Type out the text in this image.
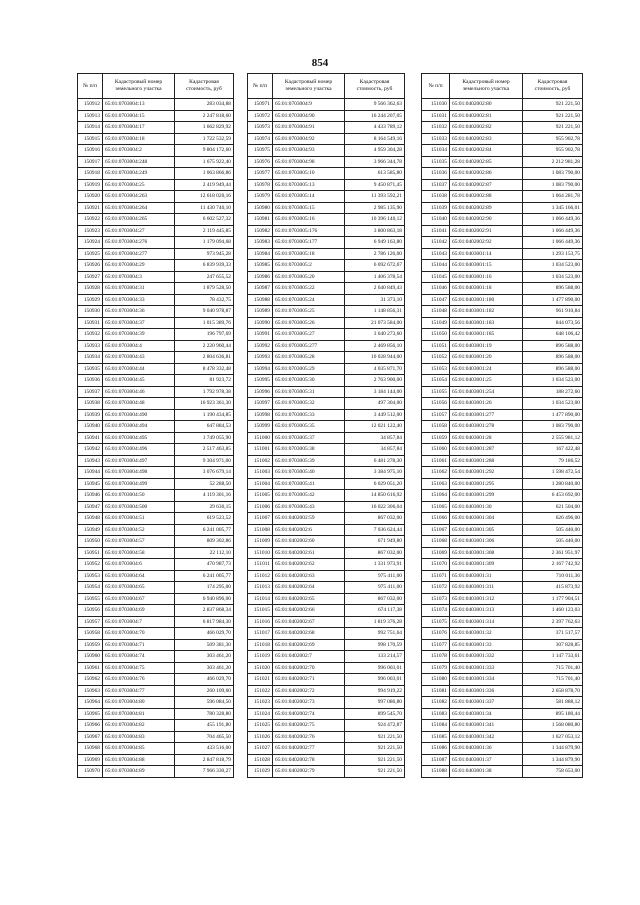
854
№ п/п	Кадастровый номер земельного участка	Кадастровая стоимость, руб
150912	65:01:0703004:13	283 034,88
150913	65:01:0703004:15	2 247 818,60
150914	65:01:0703004:17	1 662 829,92
150915	65:01:0703004:18	1 722 532,59
150916	65:01:0703004:2	9 804 172,60
150917	65:01:0703004:248	1 675 922,40
150918	65:01:0703004:249	1 063 866,86
150919	65:01:0703004:25	2 419 949,44
150920	65:01:0703004:263	12 618 020,16
150921	65:01:0703004:264	11 430 740,10
150922	65:01:0703004:265	6 602 527,32
150923	65:01:0703004:27	2 119 445,85
150924	65:01:0703004:276	1 179 094,68
150925	65:01:0703004:277	973 945,28
150926	65:01:0703004:29	6 839 939,33
150927	65:01:0703004:3	247 655,52
150928	65:01:0703004:31	1 879 528,50
150929	65:01:0703004:33	78 432,75
150930	65:01:0703004:36	9 040 978,87
150931	65:01:0703004:37	1 015 389,76
150932	65:01:0703004:39	196 797,69
150933	65:01:0703004:4	2 220 960,44
150934	65:01:0703004:43	2 804 636,81
150935	65:01:0703004:44	8 478 332,48
150936	65:01:0703004:45	81 923,72
150937	65:01:0703004:46	1 792 978,38
150938	65:01:0703004:48	16 923 361,30
150939	65:01:0703004:490	1 190 434,85
150940	65:01:0703004:494	647 884,53
150941	65:01:0703004:495	1 749 055,90
150942	65:01:0703004:496	2 517 463,85
150943	65:01:0703004:497	9 304 971,00
150944	65:01:0703004:498	3 076 679,14
150945	65:01:0703004:499	52 288,50
150946	65:01:0703004:50	4 119 301,16
150947	65:01:0703004:500	29 630,15
150948	65:01:0703004:51	619 523,52
150949	65:01:0703004:52	6 241 005,77
150950	65:01:0703004:57	809 302,86
150951	65:01:0703004:58	22 112,10
150952	65:01:0703004:6	470 987,73
150953	65:01:0703004:64	6 241 005,77
150954	65:01:0703004:65	174 295,00
150955	65:01:0703004:67	6 940 896,00
150956	65:01:0703004:69	2 837 868,34
150957	65:01:0703004:7	6 817 984,30
150958	65:01:0703004:70	466 029,70
150959	65:01:0703004:71	509 381,30
150960	65:01:0703004:74	303 461,20
150961	65:01:0703004:75	303 461,20
150962	65:01:0703004:76	466 029,70
150963	65:01:0703004:77	260 109,60
150964	65:01:0703004:80	596 084,50
150965	65:01:0703004:81	780 328,80
150966	65:01:0703004:82	455 191,80
150967	65:01:0703004:83	704 465,50
150968	65:01:0703004:85	433 516,00
150969	65:01:0703004:88	2 847 818,79
150970	65:01:0703004:89	7 966 330,27
№ п/п	Кадастровый номер земельного участка	Кадастровая стоимость, руб
150971	65:01:0703004:9	9 566 362,63
150972	65:01:0703004:90	16 244 207,05
150973	65:01:0703004:91	4 433 789,12
150974	65:01:0703004:92	8 164 549,16
150975	65:01:0703004:93	4 959 304,28
150976	65:01:0703004:98	3 966 344,78
150977	65:01:0703005:10	613 585,80
150978	65:01:0703005:13	9 450 871,45
150979	65:01:0703005:14	11 393 592,21
150980	65:01:0703005:15	2 985 135,90
150981	65:01:0703005:16	10 396 140,12
150982	65:01:0703005:176	3 800 863,18
150983	65:01:0703005:177	6 949 163,80
150984	65:01:0703005:18	2 786 126,00
150985	65:01:0703005:2	6 692 672,67
150986	65:01:0703005:20	1 406 378,54
150987	65:01:0703005:22	2 640 849,43
150988	65:01:0703005:24	31 373,10
150989	65:01:0703005:25	1 148 856,31
150990	65:01:0703005:26	21 073 584,00
150991	65:01:0703005:27	3 640 273,60
150992	65:01:0703005:277	2 469 856,10
150993	65:01:0703005:28	10 028 944,00
150994	65:01:0703005:29	4 035 871,70
150995	65:01:0703005:30	2 763 900,00
150996	65:01:0703005:31	3 184 144,00
150997	65:01:0703005:32	497 304,00
150998	65:01:0703005:33	3 449 512,00
150999	65:01:0703005:35	12 021 122,40
151000	65:01:0703005:37	34 857,84
151001	65:01:0703005:38	34 857,84
151002	65:01:0703005:39	6 481 278,30
151003	65:01:0703005:40	3 384 975,10
151004	65:01:0703005:41	6 029 051,20
151005	65:01:0703005:42	14 850 616,92
151006	65:01:0703005:43	16 022 306,04
151007	65:01:0402002:59	867 032,00
151008	65:01:0402002:6	7 036 624,44
151009	65:01:0402002:60	671 949,80
151010	65:01:0402002:61	867 032,00
151011	65:01:0402002:62	1 331 973,91
151012	65:01:0402002:63	975 411,00
151013	65:01:0402002:64	975 411,00
151014	65:01:0402002:65	867 032,00
151015	65:01:0402002:66	674 117,38
151016	65:01:0402002:67	1 819 376,28
151017	65:01:0402002:68	992 751,64
151018	65:01:0402002:69	998 170,59
151019	65:01:0402002:7	133 214,57
151020	65:01:0402002:70	996 003,01
151021	65:01:0402002:71	996 003,01
151022	65:01:0402002:72	994 919,22
151023	65:01:0402002:73	997 086,80
151024	65:01:0402002:74	899 545,70
151025	65:01:0402002:75	924 472,87
151026	65:01:0402002:76	921 221,50
151027	65:01:0402002:77	921 221,50
151028	65:01:0402002:78	921 221,50
151029	65:01:0402002:79	921 221,50
№ п/п	Кадастровый номер земельного участка	Кадастровая стоимость, руб
151030	65:01:0402002:80	921 221,50
151031	65:01:0402002:81	921 221,50
151032	65:01:0402002:82	921 221,50
151033	65:01:0402002:83	955 902,78
151034	65:01:0402002:84	955 902,78
151035	65:01:0402002:85	2 212 981,28
151036	65:01:0402002:86	1 083 790,00
151037	65:01:0402002:87	1 083 790,00
151038	65:01:0402002:88	1 064 281,78
151039	65:01:0402002:89	1 345 166,01
151040	65:01:0402002:90	1 066 449,36
151041	65:01:0402002:91	1 066 449,36
151042	65:01:0402002:92	1 066 449,36
151043	65:01:0403001:14	1 293 153,75
151044	65:01:0403001:15	1 034 523,00
151045	65:01:0403001:16	1 034 523,00
151046	65:01:0403001:18	896 588,00
151047	65:01:0403001:180	1 477 890,00
151048	65:01:0403001:182	961 910,84
151049	65:01:0403001:183	844 073,56
151050	65:01:0403001:185	648 106,42
151051	65:01:0403001:19	896 588,00
151052	65:01:0403001:20	896 588,00
151053	65:01:0403001:24	896 588,00
151054	65:01:0403001:25	1 034 523,00
151055	65:01:0403001:254	188 272,60
151056	65:01:0403001:26	1 034 523,00
151057	65:01:0403001:277	1 477 890,00
151058	65:01:0403001:278	1 083 790,00
151059	65:01:0403001:28	2 555 981,12
151060	65:01:0403001:287	167 422,48
151061	65:01:0403001:288	79 186,52
151062	65:01:0403001:292	1 598 472,54
151063	65:01:0403001:295	1 280 840,00
151064	65:01:0403001:299	6 453 692,00
151065	65:01:0403001:30	621 504,00
151066	65:01:0403001:304	626 496,00
151067	65:01:0403001:305	505 440,00
151068	65:01:0403001:306	505 440,00
151069	65:01:0403001:308	2 361 951,97
151070	65:01:0403001:309	2 167 742,92
151071	65:01:0403001:31	710 011,36
151072	65:01:0403001:311	415 873,92
151073	65:01:0403001:312	1 177 904,51
151074	65:01:0403001:313	1 460 123,03
151075	65:01:0403001:314	2 397 762,63
151076	65:01:0403001:32	371 517,57
151077	65:01:0403001:33	307 828,85
151078	65:01:0403001:332	1 147 733,61
151079	65:01:0403001:333	715 701,40
151080	65:01:0403001:334	715 701,40
151081	65:01:0403001:336	2 658 878,70
151082	65:01:0403001:337	581 888,12
151083	65:01:0403001:34	895 180,44
151084	65:01:0403001:341	1 568 080,80
151085	65:01:0403001:342	1 627 053,12
151086	65:01:0403001:36	1 344 879,90
151087	65:01:0403001:37	1 344 879,90
151088	65:01:0403001:38	758 653,00
